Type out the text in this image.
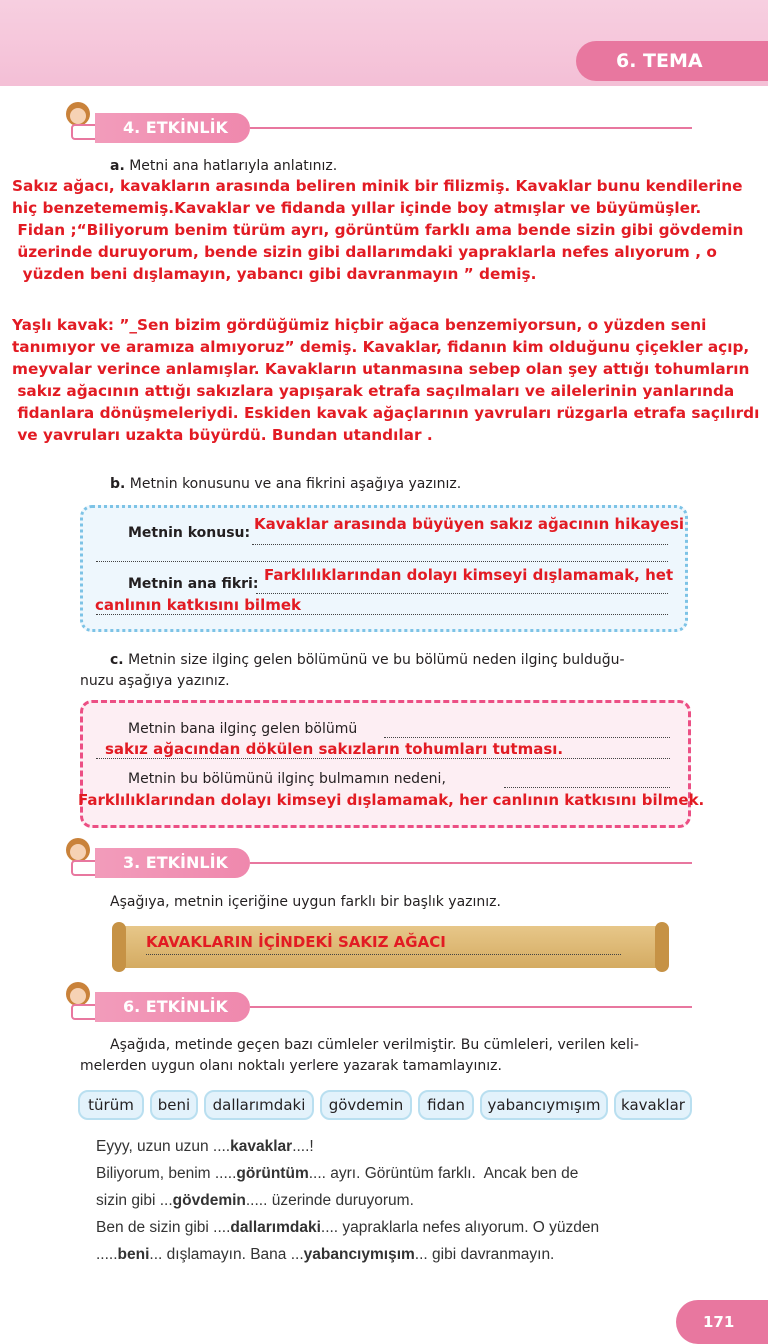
6. TEMA
4. ETKİNLİK
a. Metni ana hatlarıyla anlatınız.
Sakız ağacı, kavakların arasında beliren minik bir filizmiş. Kavaklar bunu kendilerine
hiç benzetememiş.Kavaklar ve fidanda yıllar içinde boy atmışlar ve büyümüşler.
Fidan ;“Biliyorum benim türüm ayrı, görüntüm farklı ama bende sizin gibi gövdemin
üzerinde duruyorum, bende sizin gibi dallarımdaki yapraklarla nefes alıyorum , o
yüzden beni dışlamayın, yabancı gibi davranmayın ” demiş.
Yaşlı kavak: ”_Sen bizim gördüğümiz hiçbir ağaca benzemiyorsun, o yüzden seni
tanımıyor ve aramıza almıyoruz” demiş. Kavaklar, fidanın kim olduğunu çiçekler açıp,
meyvalar verince anlamışlar. Kavakların utanmasına sebep olan şey attığı tohumların
sakız ağacının attığı sakızlara yapışarak etrafa saçılmaları ve ailelerinin yanlarında
fidanlara dönüşmeleriydi. Eskiden kavak ağaçlarının yavruları rüzgarla etrafa saçılırdı
ve yavruları uzakta büyürdü. Bundan utandılar .
b. Metnin konusunu ve ana fikrini aşağıya yazınız.
Metnin konusu: Kavaklar arasında büyüyen sakız ağacının hikayesi
Metnin ana fikri: Farklılıklarından dolayı kimseyi dışlamamak, het
canlının katkısını bilmek
c. Metnin size ilginç gelen bölümünü ve bu bölümü neden ilginç bulduğu-
nuzu aşağıya yazınız.
Metnin bana ilginç gelen bölümü
sakız ağacından dökülen sakızların tohumları tutması.
Metnin bu bölümünü ilginç bulmamın nedeni,
Farklılıklarından dolayı kimseyi dışlamamak, her canlının katkısını bilmek.
3. ETKİNLİK
Aşağıya, metnin içeriğine uygun farklı bir başlık yazınız.
KAVAKLARIN İÇİNDEKİ SAKIZ AĞACI
6. ETKİNLİK
Aşağıda, metinde geçen bazı cümleler verilmiştir. Bu cümleleri, verilen keli-
melerden uygun olanı noktalı yerlere yazarak tamamlayınız.
türüm	beni	dallarımdaki	gövdemin	fidan	yabancıymışım	kavaklar
Eyyy, uzun uzun ....kavaklar....!
Biliyorum, benim .....görüntüm.... ayrı. Görüntüm farklı.  Ancak ben de
sizin gibi ...gövdemin..... üzerinde duruyorum.
Ben de sizin gibi ....dallarımdaki.... yapraklarla nefes alıyorum. O yüzden
.....beni... dışlamayın. Bana ...yabancıymışım... gibi davranmayın.
171
